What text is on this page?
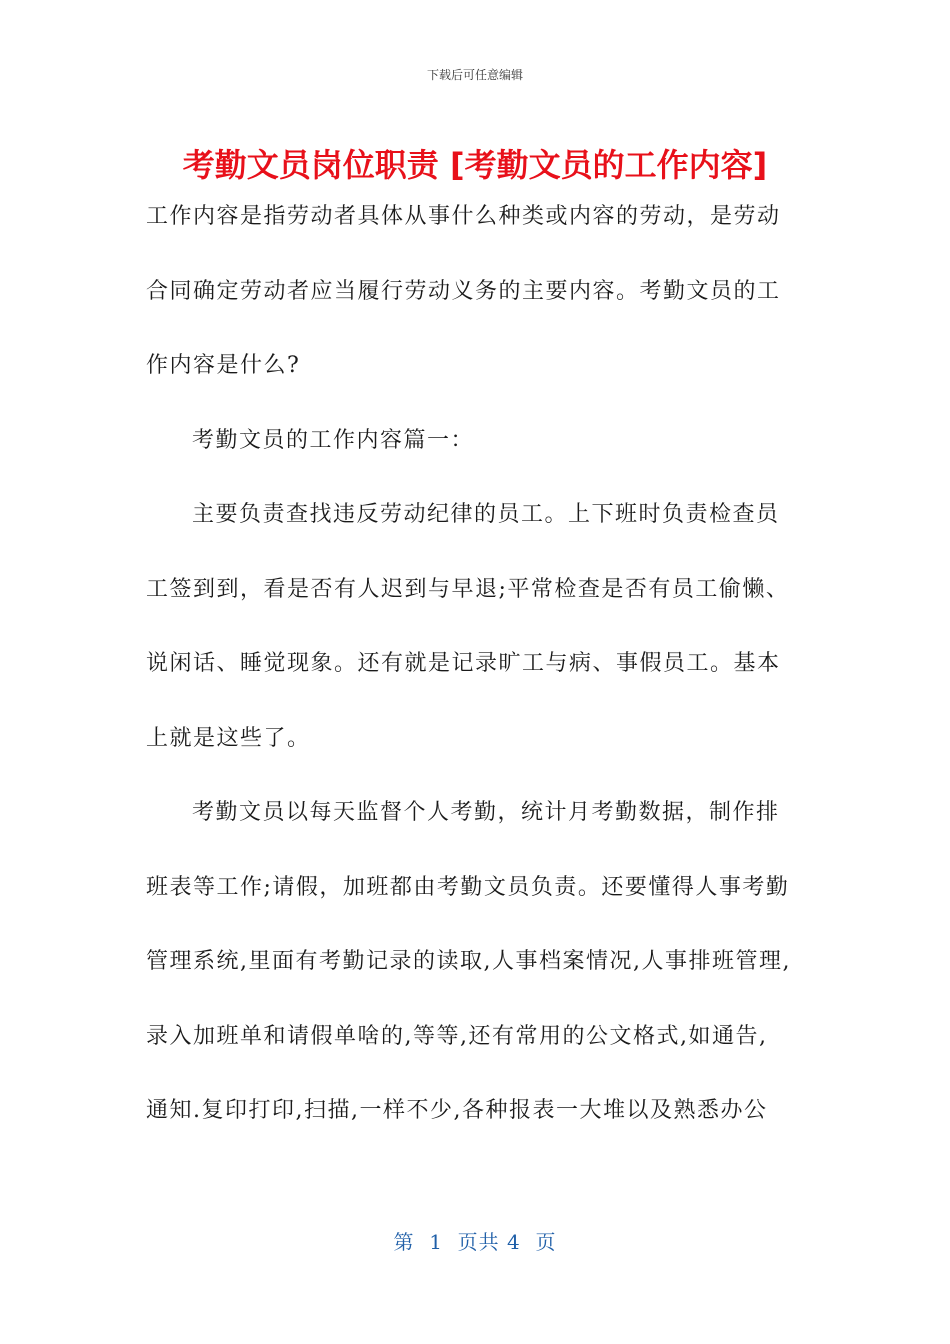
下载后可任意编辑
考勤文员岗位职责 [考勤文员的工作内容]

工作内容是指劳动者具体从事什么种类或内容的劳动，是劳动
合同确定劳动者应当履行劳动义务的主要内容。考勤文员的工
作内容是什么?

考勤文员的工作内容篇一：

主要负责查找违反劳动纪律的员工。上下班时负责检查员
工签到到，看是否有人迟到与早退;平常检查是否有员工偷懒、
说闲话、睡觉现象。还有就是记录旷工与病、事假员工。基本
上就是这些了。

考勤文员以每天监督个人考勤，统计月考勤数据，制作排
班表等工作;请假，加班都由考勤文员负责。还要懂得人事考勤
管理系统,里面有考勤记录的读取,人事档案情况,人事排班管理,
录入加班单和请假单啥的,等等,还有常用的公文格式,如通告,
通知.复印打印,扫描,一样不少,各种报表一大堆以及熟悉办公

第  1  页共 4  页
